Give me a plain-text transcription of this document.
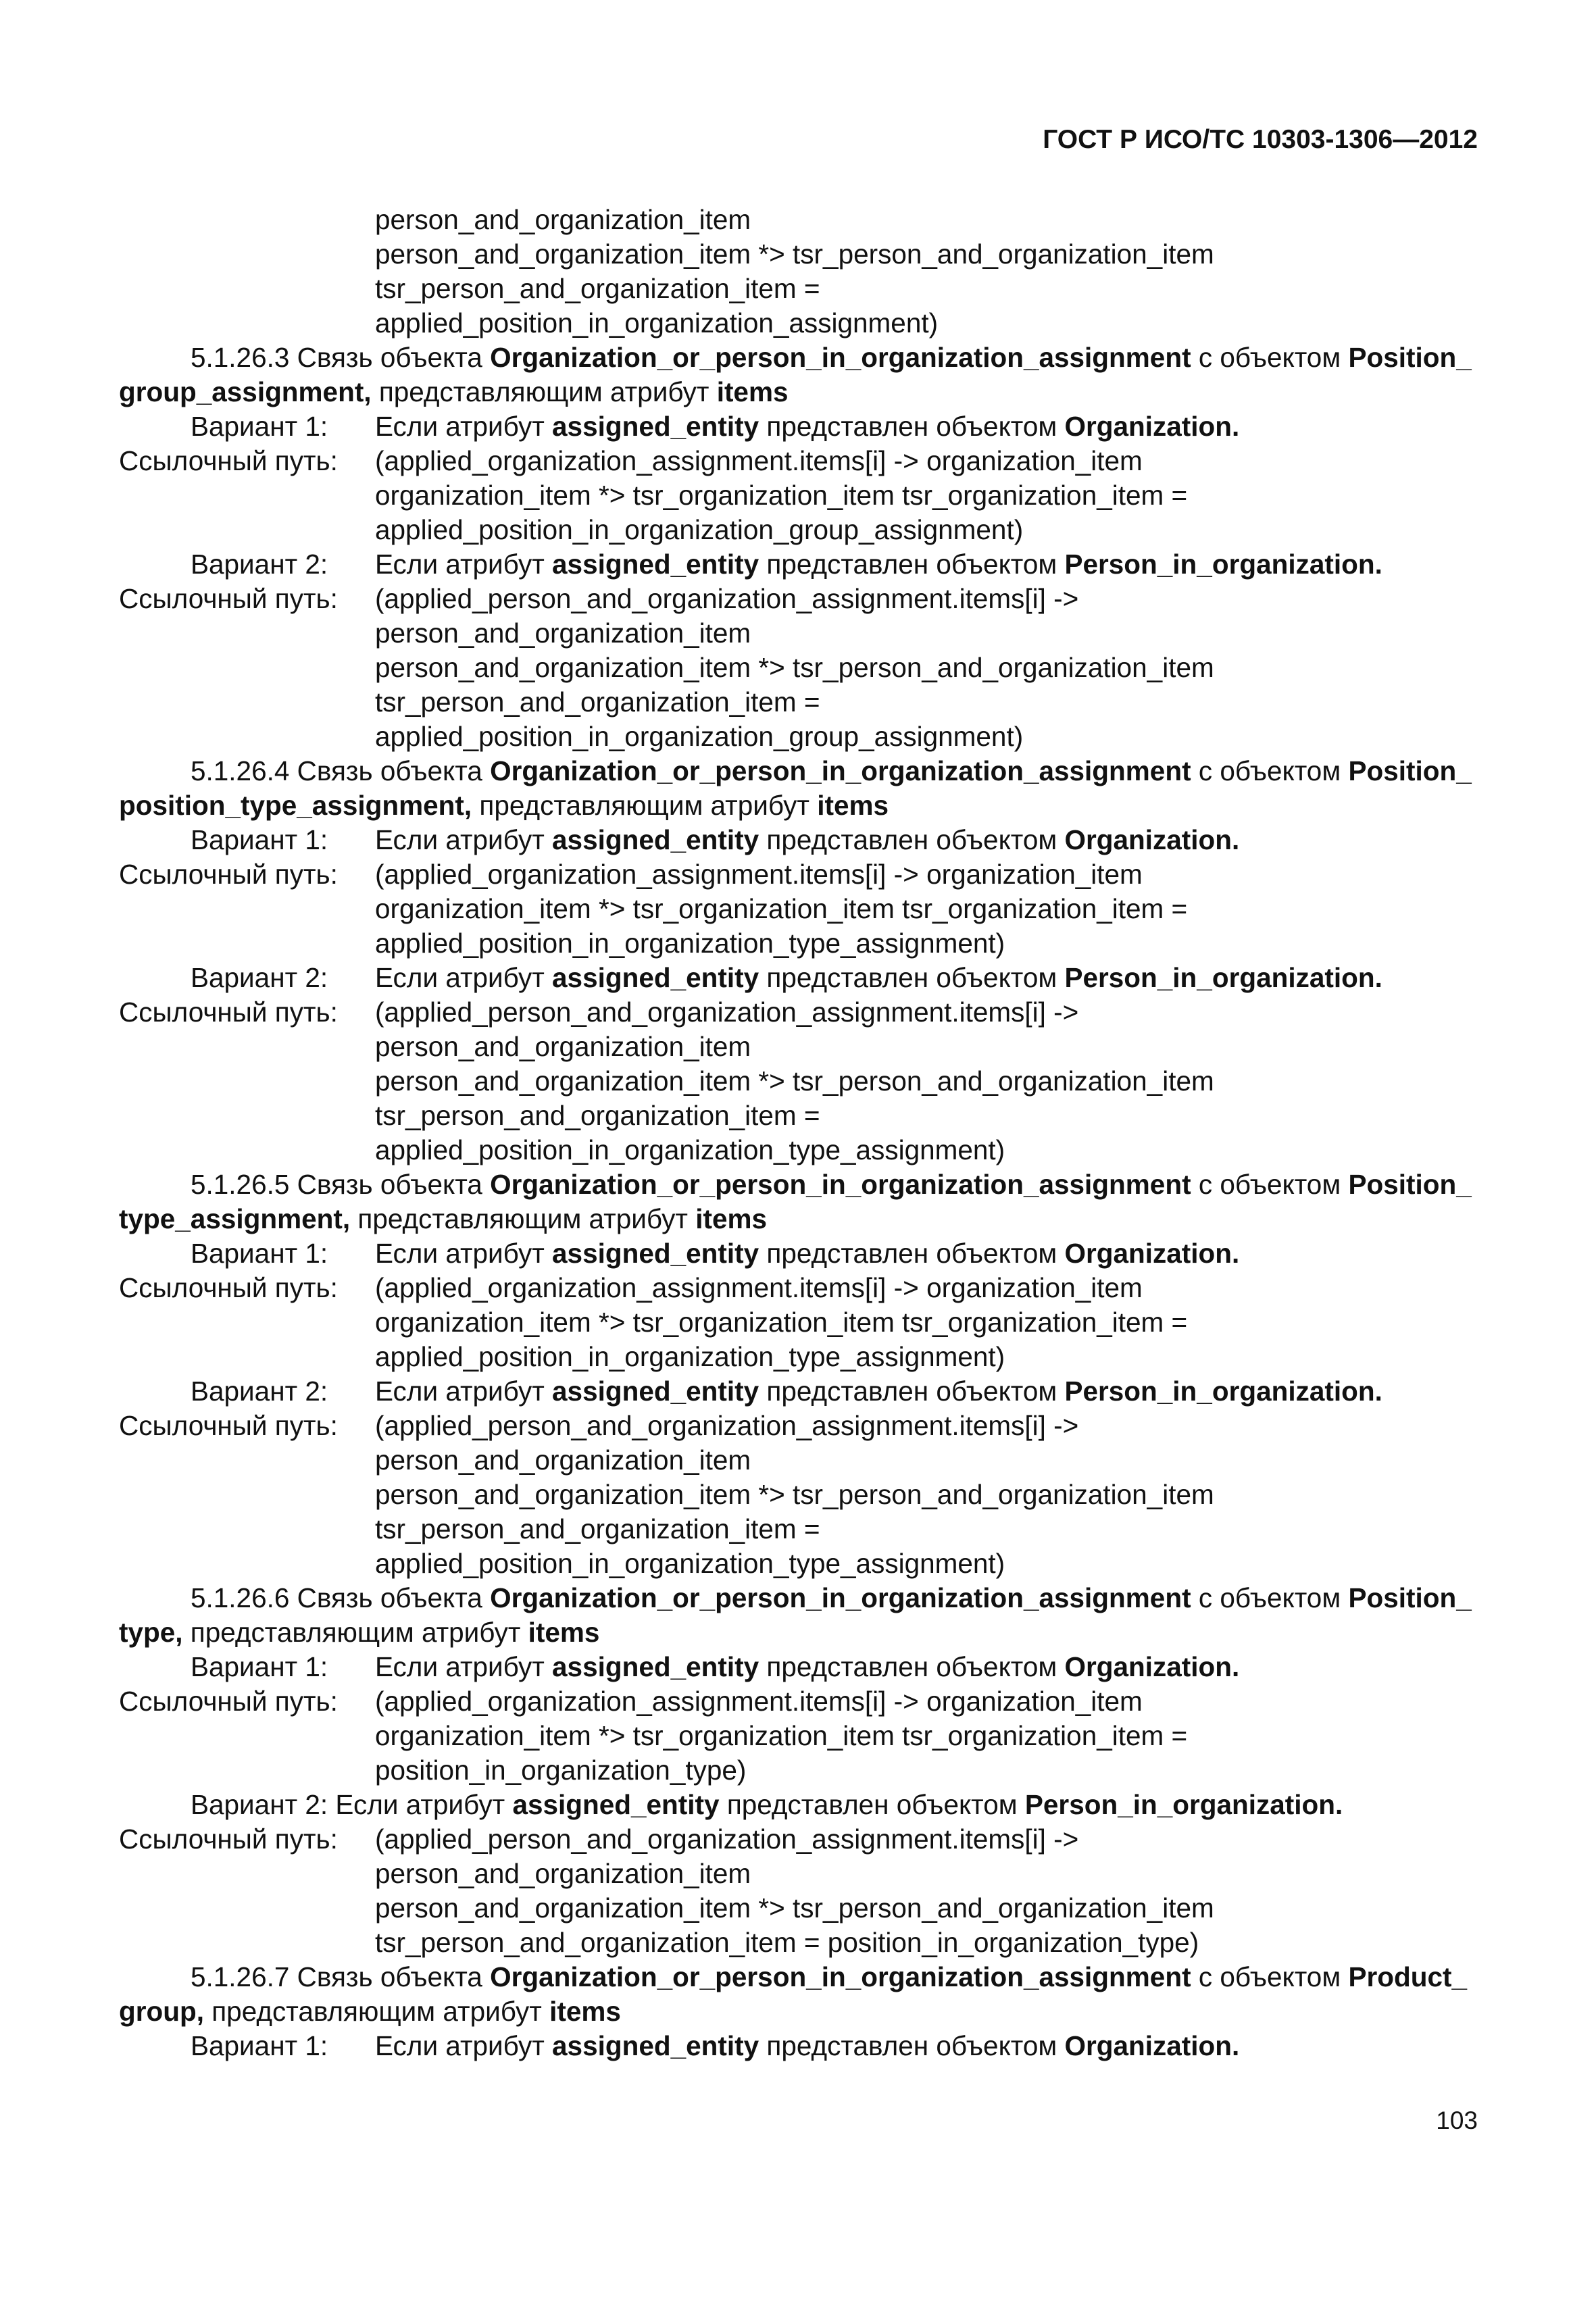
ГОСТ Р ИСО/ТС 10303-1306—2012
person_and_organization_item
person_and_organization_item *> tsr_person_and_organization_item
tsr_person_and_organization_item =
applied_position_in_organization_assignment)
5.1.26.3 Связь объекта Organization_or_person_in_organization_assignment с объектом Position_
group_assignment, представляющим атрибут items
Вариант 1: Если атрибут assigned_entity представлен объектом Organization.
Ссылочный путь: (applied_organization_assignment.items[i] -> organization_item
organization_item *> tsr_organization_item tsr_organization_item =
applied_position_in_organization_group_assignment)
Вариант 2: Если атрибут assigned_entity представлен объектом Person_in_organization.
Ссылочный путь: (applied_person_and_organization_assignment.items[i] ->
person_and_organization_item
person_and_organization_item *> tsr_person_and_organization_item
tsr_person_and_organization_item =
applied_position_in_organization_group_assignment)
5.1.26.4 Связь объекта Organization_or_person_in_organization_assignment с объектом Position_
position_type_assignment, представляющим атрибут items
Вариант 1: Если атрибут assigned_entity представлен объектом Organization.
Ссылочный путь: (applied_organization_assignment.items[i] -> organization_item
organization_item *> tsr_organization_item tsr_organization_item =
applied_position_in_organization_type_assignment)
Вариант 2: Если атрибут assigned_entity представлен объектом Person_in_organization.
Ссылочный путь: (applied_person_and_organization_assignment.items[i] ->
person_and_organization_item
person_and_organization_item *> tsr_person_and_organization_item
tsr_person_and_organization_item =
applied_position_in_organization_type_assignment)
5.1.26.5 Связь объекта Organization_or_person_in_organization_assignment с объектом Position_
type_assignment, представляющим атрибут items
Вариант 1: Если атрибут assigned_entity представлен объектом Organization.
Ссылочный путь: (applied_organization_assignment.items[i] -> organization_item
organization_item *> tsr_organization_item tsr_organization_item =
applied_position_in_organization_type_assignment)
Вариант 2: Если атрибут assigned_entity представлен объектом Person_in_organization.
Ссылочный путь: (applied_person_and_organization_assignment.items[i] ->
person_and_organization_item
person_and_organization_item *> tsr_person_and_organization_item
tsr_person_and_organization_item =
applied_position_in_organization_type_assignment)
5.1.26.6 Связь объекта Organization_or_person_in_organization_assignment с объектом Position_
type, представляющим атрибут items
Вариант 1: Если атрибут assigned_entity представлен объектом Organization.
Ссылочный путь: (applied_organization_assignment.items[i] -> organization_item
organization_item *> tsr_organization_item tsr_organization_item =
position_in_organization_type)
Вариант 2: Если атрибут assigned_entity представлен объектом Person_in_organization.
Ссылочный путь: (applied_person_and_organization_assignment.items[i] ->
person_and_organization_item
person_and_organization_item *> tsr_person_and_organization_item
tsr_person_and_organization_item = position_in_organization_type)
5.1.26.7 Связь объекта Organization_or_person_in_organization_assignment с объектом Product_
group, представляющим атрибут items
Вариант 1: Если атрибут assigned_entity представлен объектом Organization.
103
